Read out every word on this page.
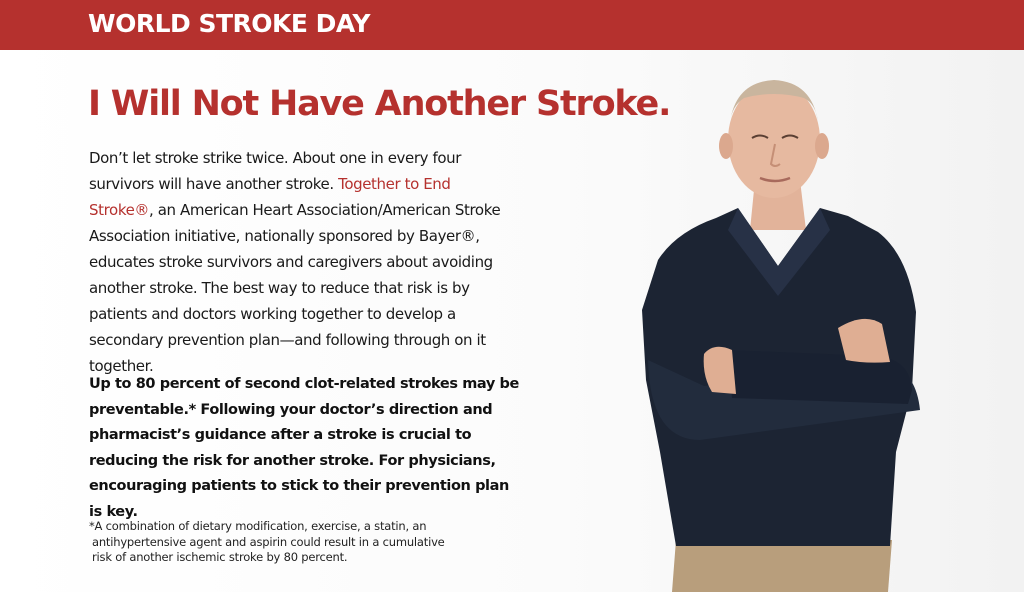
WORLD STROKE DAY
I Will Not Have Another Stroke.
Don’t let stroke strike twice. About one in every four survivors will have another stroke. Together to End Stroke®, an American Heart Association/American Stroke Association initiative, nationally sponsored by Bayer®, educates stroke survivors and caregivers about avoiding another stroke. The best way to reduce that risk is by patients and doctors working together to develop a secondary prevention plan—and following through on it together.
Up to 80 percent of second clot-related strokes may be preventable.* Following your doctor’s direction and pharmacist’s guidance after a stroke is crucial to reducing the risk for another stroke. For physicians, encouraging patients to stick to their prevention plan is key.
*A combination of dietary modification, exercise, a statin, an
antihypertensive agent and aspirin could result in a cumulative
risk of another ischemic stroke by 80 percent.
